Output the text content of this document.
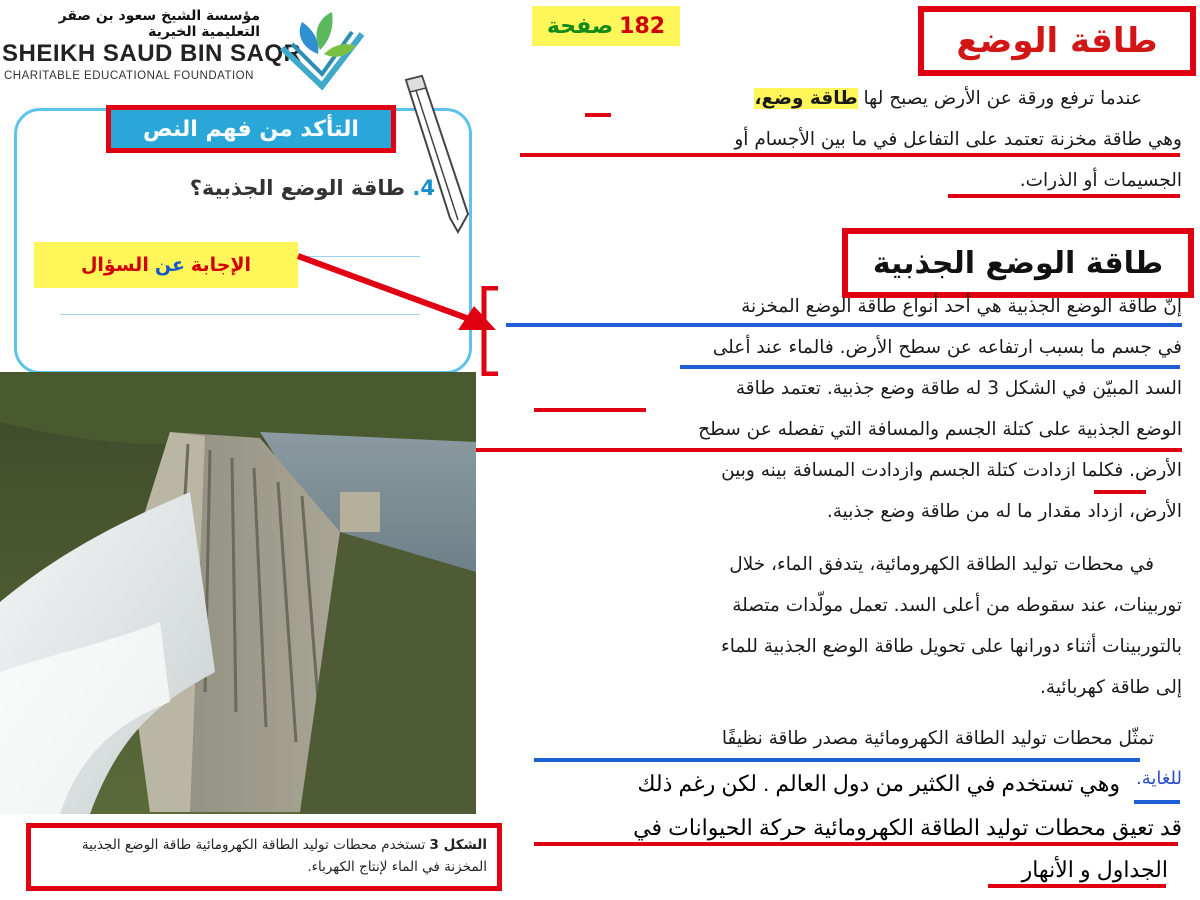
مؤسسة الشيخ سعود بن صقر التعليمية الخيرية
SHEIKH SAUD BIN SAQR
CHARITABLE EDUCATIONAL FOUNDATION
صفحة 182	طاقة الوضع
عندما ترفع ورقة عن الأرض يصبح لها طاقة وضع،
وهي طاقة مخزنة تعتمد على التفاعل في ما بين الأجسام أو
الجسيمات أو الذرات.
التأكد من فهم النص
4. طاقة الوضع الجذبية؟
الإجابة
عن
السؤال	طاقة الوضع الجذبية
إنّ طاقة الوضع الجذبية هي أحد أنواع طاقة الوضع المخزنة
في جسم ما بسبب ارتفاعه عن سطح الأرض. فالماء عند أعلى
السد المبيّن في الشكل 3 له طاقة وضع جذبية. تعتمد طاقة
الوضع الجذبية على كتلة الجسم والمسافة التي تفصله عن سطح
الأرض. فكلما ازدادت كتلة الجسم وازدادت المسافة بينه وبين
الأرض، ازداد مقدار ما له من طاقة وضع جذبية.
في محطات توليد الطاقة الكهرومائية، يتدفق الماء، خلال
توربينات، عند سقوطه من أعلى السد. تعمل مولّدات متصلة
بالتوربينات أثناء دورانها على تحويل طاقة الوضع الجذبية للماء
إلى طاقة كهربائية.
تمثّل محطات توليد الطاقة الكهرومائية مصدر طاقة نظيفًا
للغاية.
وهي تستخدم في الكثير من دول العالم . لكن رغم ذلك
قد تعيق محطات توليد الطاقة الكهرومائية حركة الحيوانات في
الجداول و الأنهار
الشكل 3 تستخدم محطات توليد الطاقة الكهرومائية طاقة الوضع الجذبية المخزنة في الماء لإنتاج الكهرباء.
